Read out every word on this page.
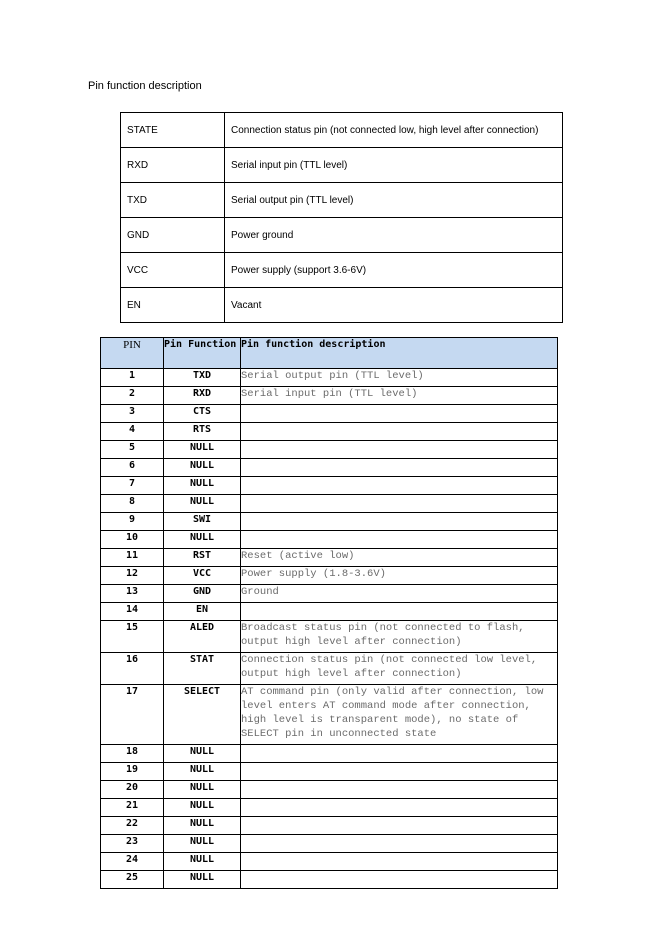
Pin function description
STATE	Connection status pin (not connected low, high level after connection)
RXD	Serial input pin (TTL level)
TXD	Serial output pin (TTL level)
GND	Power ground
VCC	Power supply (support 3.6-6V)
EN	Vacant
PIN	Pin Function	Pin function description
1	TXD	Serial output pin (TTL level)
2	RXD	Serial input pin (TTL level)
3	CTS	
4	RTS	
5	NULL	
6	NULL	
7	NULL	
8	NULL	
9	SWI	
10	NULL	
11	RST	Reset (active low)
12	VCC	Power supply (1.8-3.6V)
13	GND	Ground
14	EN	
15	ALED	Broadcast status pin (not connected to flash, output high level after connection)
16	STAT	Connection status pin (not connected low level, output high level after connection)
17	SELECT	AT command pin (only valid after connection, low level enters AT command mode after connection, high level is transparent mode), no state of SELECT pin in unconnected state
18	NULL	
19	NULL	
20	NULL	
21	NULL	
22	NULL	
23	NULL	
24	NULL	
25	NULL	
